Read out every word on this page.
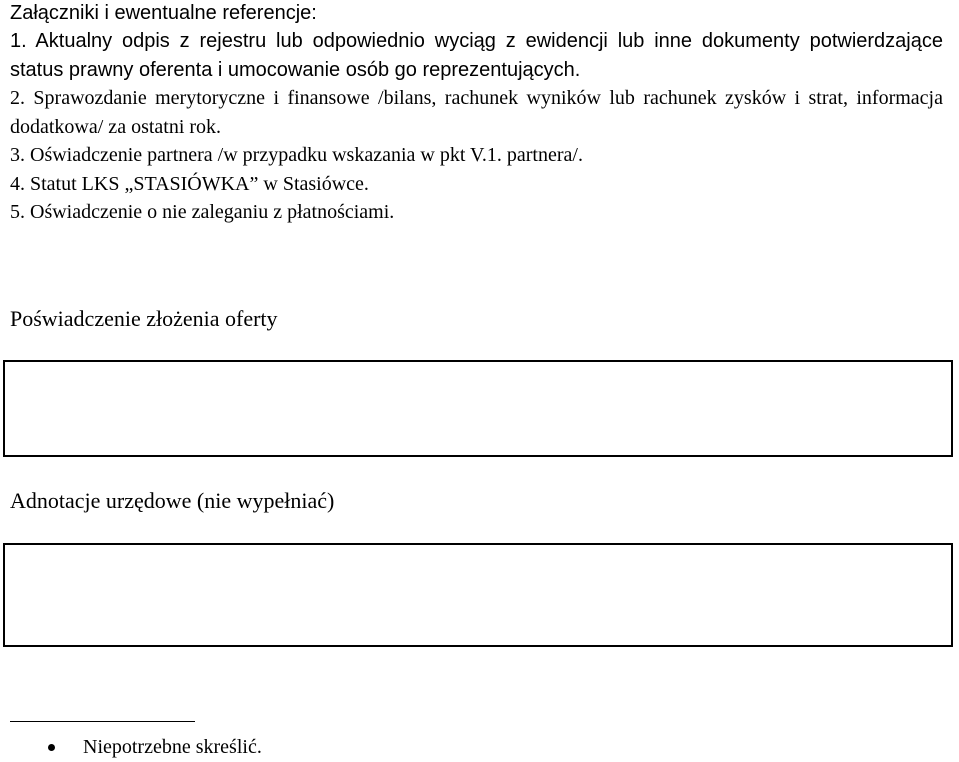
Załączniki i ewentualne referencje:

1. Aktualny odpis z rejestru lub odpowiednio wyciąg z ewidencji lub inne dokumenty potwierdzające status prawny oferenta i umocowanie osób go reprezentujących.

2. Sprawozdanie merytoryczne i finansowe /bilans, rachunek wyników lub rachunek zysków i strat, informacja dodatkowa/ za ostatni rok.

3. Oświadczenie partnera /w przypadku wskazania w pkt V.1. partnera/.

4. Statut LKS „STASIÓWKA” w Stasiówce.

5. Oświadczenie o nie zaleganiu z płatnościami.

Poświadczenie złożenia oferty
Adnotacje urzędowe (nie wypełniać)
Niepotrzebne skreślić.
